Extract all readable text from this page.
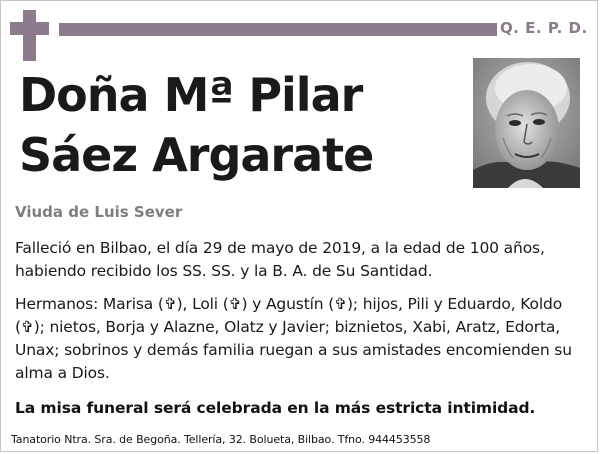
Q. E. P. D.
Doña Mª Pilar
Sáez Argarate
Viuda de Luis Sever
Falleció en Bilbao, el día 29 de mayo de 2019, a la edad de 100 años, habiendo recibido los SS. SS. y la B. A. de Su Santidad.
Hermanos: Marisa (✞), Loli (✞) y Agustín (✞); hijos, Pili y Eduardo, Koldo (✞); nietos, Borja y Alazne, Olatz y Javier; biznietos, Xabi, Aratz, Edorta, Unax; sobrinos y demás familia ruegan a sus amistades encomienden su alma a Dios.
La misa funeral será celebrada en la más estricta intimidad.
Tanatorio Ntra. Sra. de Begoña. Tellería, 32. Bolueta, Bilbao. Tfno. 944453558
